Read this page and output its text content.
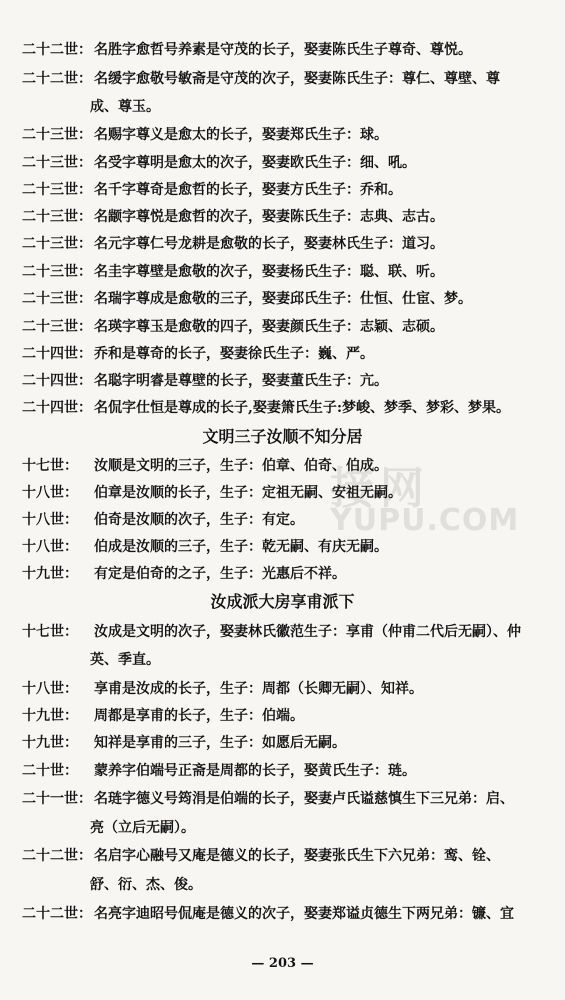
接网
YUPU.COM
二十二世： 名胜字愈哲号养素是守茂的长子，娶妻陈氏生子尊奇、尊悦。
二十二世： 名缓字愈敬号敏斋是守茂的次子，娶妻陈氏生子：尊仁、尊壁、尊
成、尊玉。
二十三世： 名赐字尊义是愈太的长子，娶妻郑氏生子：球。
二十三世： 名受字尊明是愈太的次子，娶妻欧氏生子：细、吼。
二十三世： 名千字尊奇是愈哲的长子，娶妻方氏生子：乔和。
二十三世： 名颛字尊悦是愈哲的次子，娶妻陈氏生子：志典、志古。
二十三世： 名元字尊仁号龙耕是愈敬的长子，娶妻林氏生子：道习。
二十三世： 名圭字尊壁是愈敬的次子，娶妻杨氏生子：聪、联、听。
二十三世： 名瑞字尊成是愈敬的三子，娶妻邱氏生子：仕恒、仕宦、梦。
二十三世： 名瑛字尊玉是愈敬的四子，娶妻颜氏生子：志颖、志硕。
二十四世： 乔和是尊奇的长子，娶妻徐氏生子：巍、严。
二十四世： 名聪字明睿是尊壁的长子，娶妻董氏生子：亢。
二十四世： 名侃字仕恒是尊成的长子,娶妻箫氏生子:梦峻、梦季、梦彩、梦果。
文明三子汝顺不知分居
十七世： 汝顺是文明的三子，生子：伯章、伯奇、伯成。
十八世： 伯章是汝顺的长子，生子：定祖无嗣、安祖无嗣。
十八世： 伯奇是汝顺的次子，生子：有定。
十八世： 伯成是汝顺的三子，生子：乾无嗣、有庆无嗣。
十九世： 有定是伯奇的之子，生子：光惠后不祥。
汝成派大房享甫派下
十七世： 汝成是文明的次子，娶妻林氏徽范生子：享甫（仲甫二代后无嗣）、仲
英、季直。
十八世： 享甫是汝成的长子，生子：周都（长卿无嗣）、知祥。
十九世： 周都是享甫的长子，生子：伯端。
十九世： 知祥是享甫的三子，生子：如愿后无嗣。
二十世： 蒙养字伯端号正斋是周都的长子，娶黄氏生子：琏。
二十一世： 名琏字德义号筠涓是伯端的长子，娶妻卢氏谥慈慎生下三兄弟：启、
亮（立后无嗣）。
二十二世： 名启字心融号又庵是德义的长子，娶妻张氏生下六兄弟：鸾、铨、
舒、衍、杰、俊。
二十二世： 名亮字迪昭号侃庵是德义的次子，娶妻郑谥贞德生下两兄弟：镰、宜
— 203 —
